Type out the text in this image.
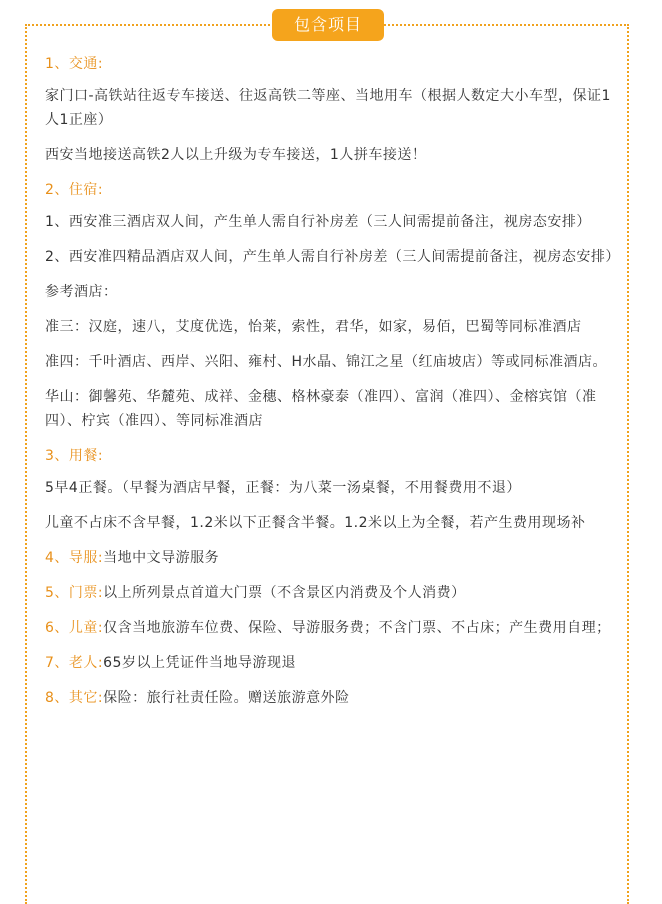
包含项目
1、交通:
家门口-高铁站往返专车接送、往返高铁二等座、当地用车（根据人数定大小车型，保证1人1正座）
西安当地接送高铁2人以上升级为专车接送，1人拼车接送！
2、住宿:
1、西安准三酒店双人间，产生单人需自行补房差（三人间需提前备注，视房态安排）
2、西安准四精品酒店双人间，产生单人需自行补房差（三人间需提前备注，视房态安排）
参考酒店：
准三：汉庭，速八，艾度优选，怡莱，索性，君华，如家，易佰，巴蜀等同标准酒店
准四：千叶酒店、西岸、兴阳、雍村、H水晶、锦江之星（红庙坡店）等或同标准酒店。
华山：御馨苑、华麓苑、成祥、金穗、格林豪泰（准四）、富润（准四）、金榕宾馆（准四）、柠宾（准四）、等同标准酒店
3、用餐:
5早4正餐。（早餐为酒店早餐，正餐：为八菜一汤桌餐，不用餐费用不退）
儿童不占床不含早餐，1.2米以下正餐含半餐。1.2米以上为全餐，若产生费用现场补
4、导服:当地中文导游服务
5、门票:以上所列景点首道大门票（不含景区内消费及个人消费）
6、儿童:仅含当地旅游车位费、保险、导游服务费；不含门票、不占床；产生费用自理；
7、老人:65岁以上凭证件当地导游现退
8、其它:保险：旅行社责任险。赠送旅游意外险
